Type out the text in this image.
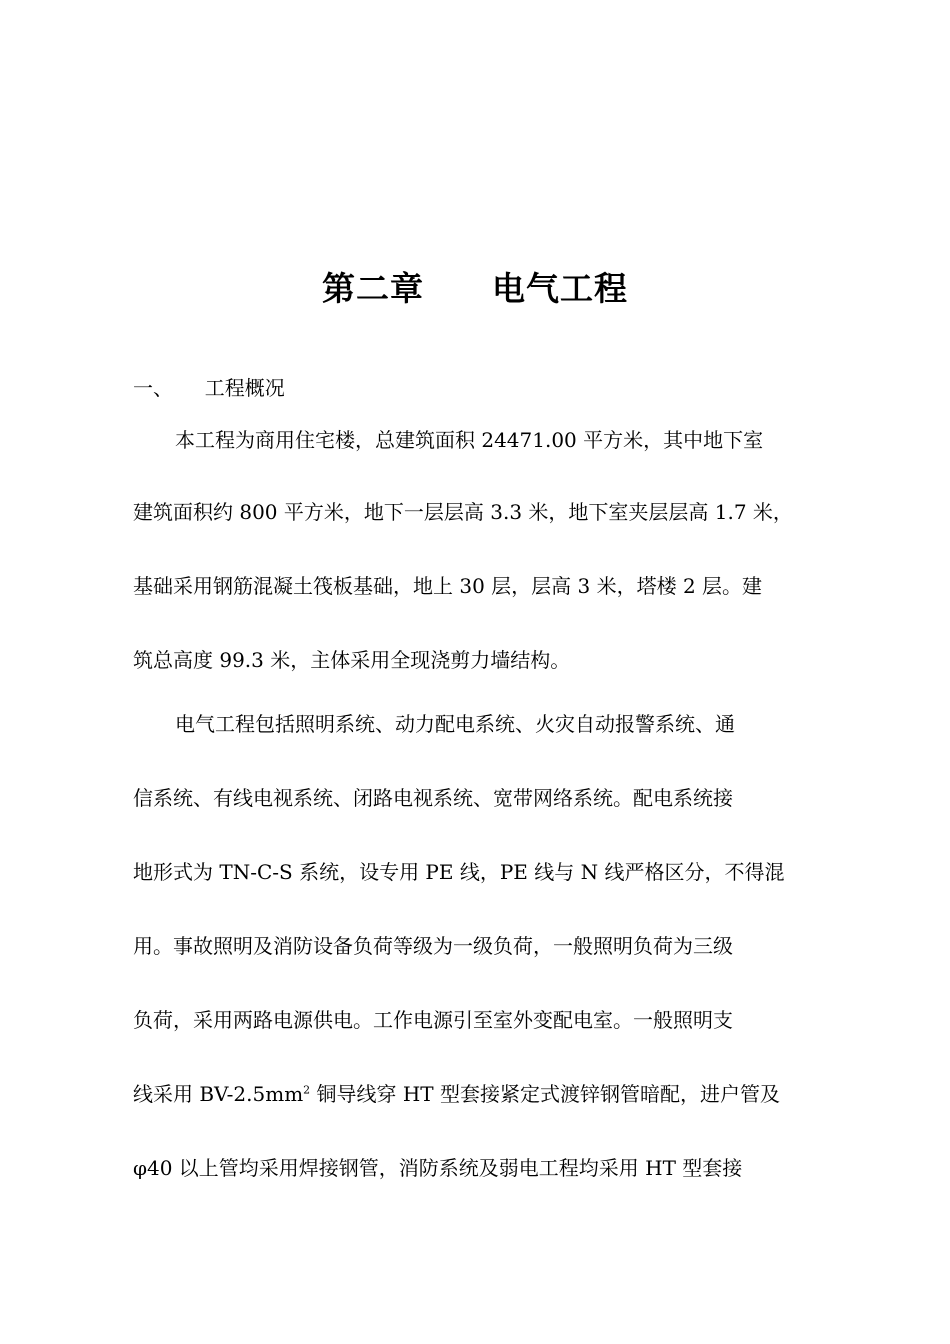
第二章　　电气工程
一、 工程概况
本工程为商用住宅楼，总建筑面积 24471.00 平方米，其中地下室
建筑面积约 800 平方米，地下一层层高 3.3 米，地下室夹层层高 1.7 米，
基础采用钢筋混凝土筏板基础，地上 30 层，层高 3 米，塔楼 2 层。建
筑总高度 99.3 米，主体采用全现浇剪力墙结构。
电气工程包括照明系统、动力配电系统、火灾自动报警系统、通
信系统、有线电视系统、闭路电视系统、宽带网络系统。配电系统接
地形式为 TN-C-S 系统，设专用 PE 线，PE 线与 N 线严格区分，不得混
用。事故照明及消防设备负荷等级为一级负荷，一般照明负荷为三级
负荷，采用两路电源供电。工作电源引至室外变配电室。一般照明支
线采用 $BV-2.5mm^2$ 铜导线穿 HT 型套接紧定式渡锌钢管暗配，进户管及
φ40 以上管均采用焊接钢管，消防系统及弱电工程均采用 HT 型套接
